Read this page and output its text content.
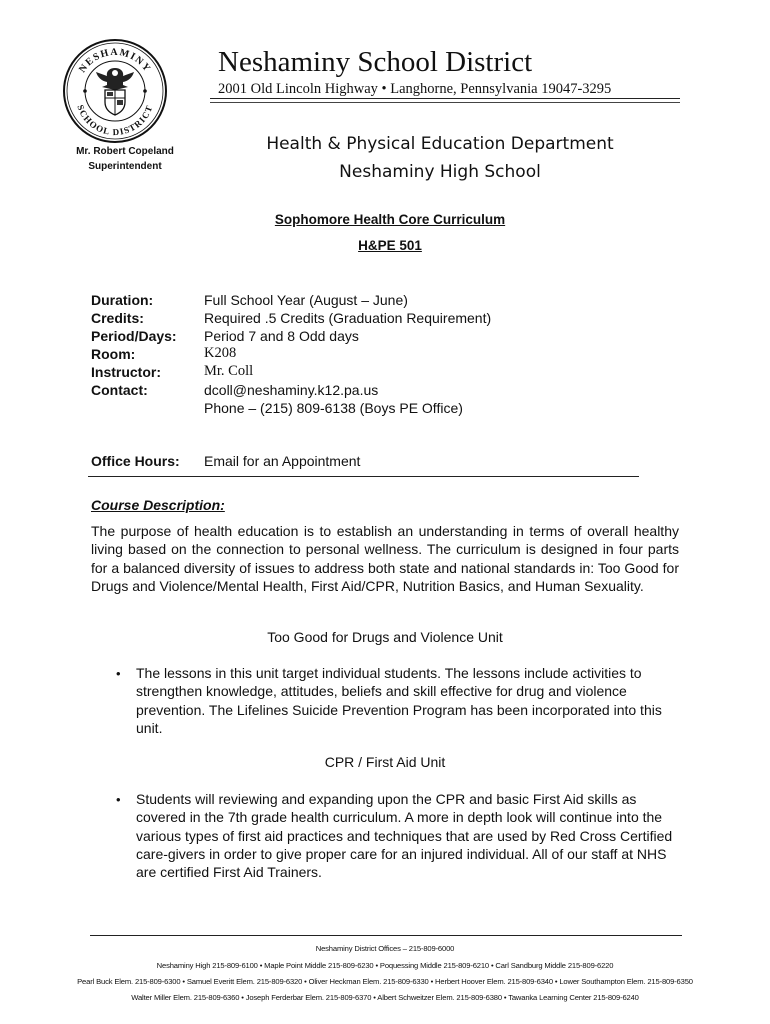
NESHAMINY
SCHOOL DISTRICT
Neshaminy School District
2001 Old Lincoln Highway • Langhorne, Pennsylvania 19047-3295
Mr. Robert Copeland
Superintendent
Health & Physical Education Department
Neshaminy High School
Sophomore Health Core Curriculum
H&PE 501
Duration:	Full School Year (August – June)
Credits:	Required .5 Credits (Graduation Requirement)
Period/Days: Period 7 and 8 Odd days
Room:	K208
Instructor:	Mr. Coll
Contact:	dcoll@neshaminy.k12.pa.us
Phone – (215) 809-6138 (Boys PE Office)
Office Hours: Email for an Appointment
Course Description:
The purpose of health education is to establish an understanding in terms of overall healthy living based on the connection to personal wellness. The curriculum is designed in four parts for a balanced diversity of issues to address both state and national standards in: Too Good for Drugs and Violence/Mental Health, First Aid/CPR, Nutrition Basics, and Human Sexuality.
Too Good for Drugs and Violence Unit
• The lessons in this unit target individual students. The lessons include activities to strengthen knowledge, attitudes, beliefs and skill effective for drug and violence prevention. The Lifelines Suicide Prevention Program has been incorporated into this unit.
CPR / First Aid Unit
• Students will reviewing and expanding upon the CPR and basic First Aid skills as covered in the 7th grade health curriculum. A more in depth look will continue into the various types of first aid practices and techniques that are used by Red Cross Certified care-givers in order to give proper care for an injured individual. All of our staff at NHS are certified First Aid Trainers.
Neshaminy District Offices – 215-809-6000
Neshaminy High 215-809-6100 • Maple Point Middle 215-809-6230 • Poquessing Middle 215-809-6210 • Carl Sandburg Middle 215-809-6220
Pearl Buck Elem. 215-809-6300 • Samuel Everitt Elem. 215-809-6320 • Oliver Heckman Elem. 215-809-6330 • Herbert Hoover Elem. 215-809-6340 • Lower Southampton Elem. 215-809-6350
Walter Miller Elem. 215-809-6360 • Joseph Ferderbar Elem. 215-809-6370 • Albert Schweitzer Elem. 215-809-6380 • Tawanka Learning Center 215-809-6240
